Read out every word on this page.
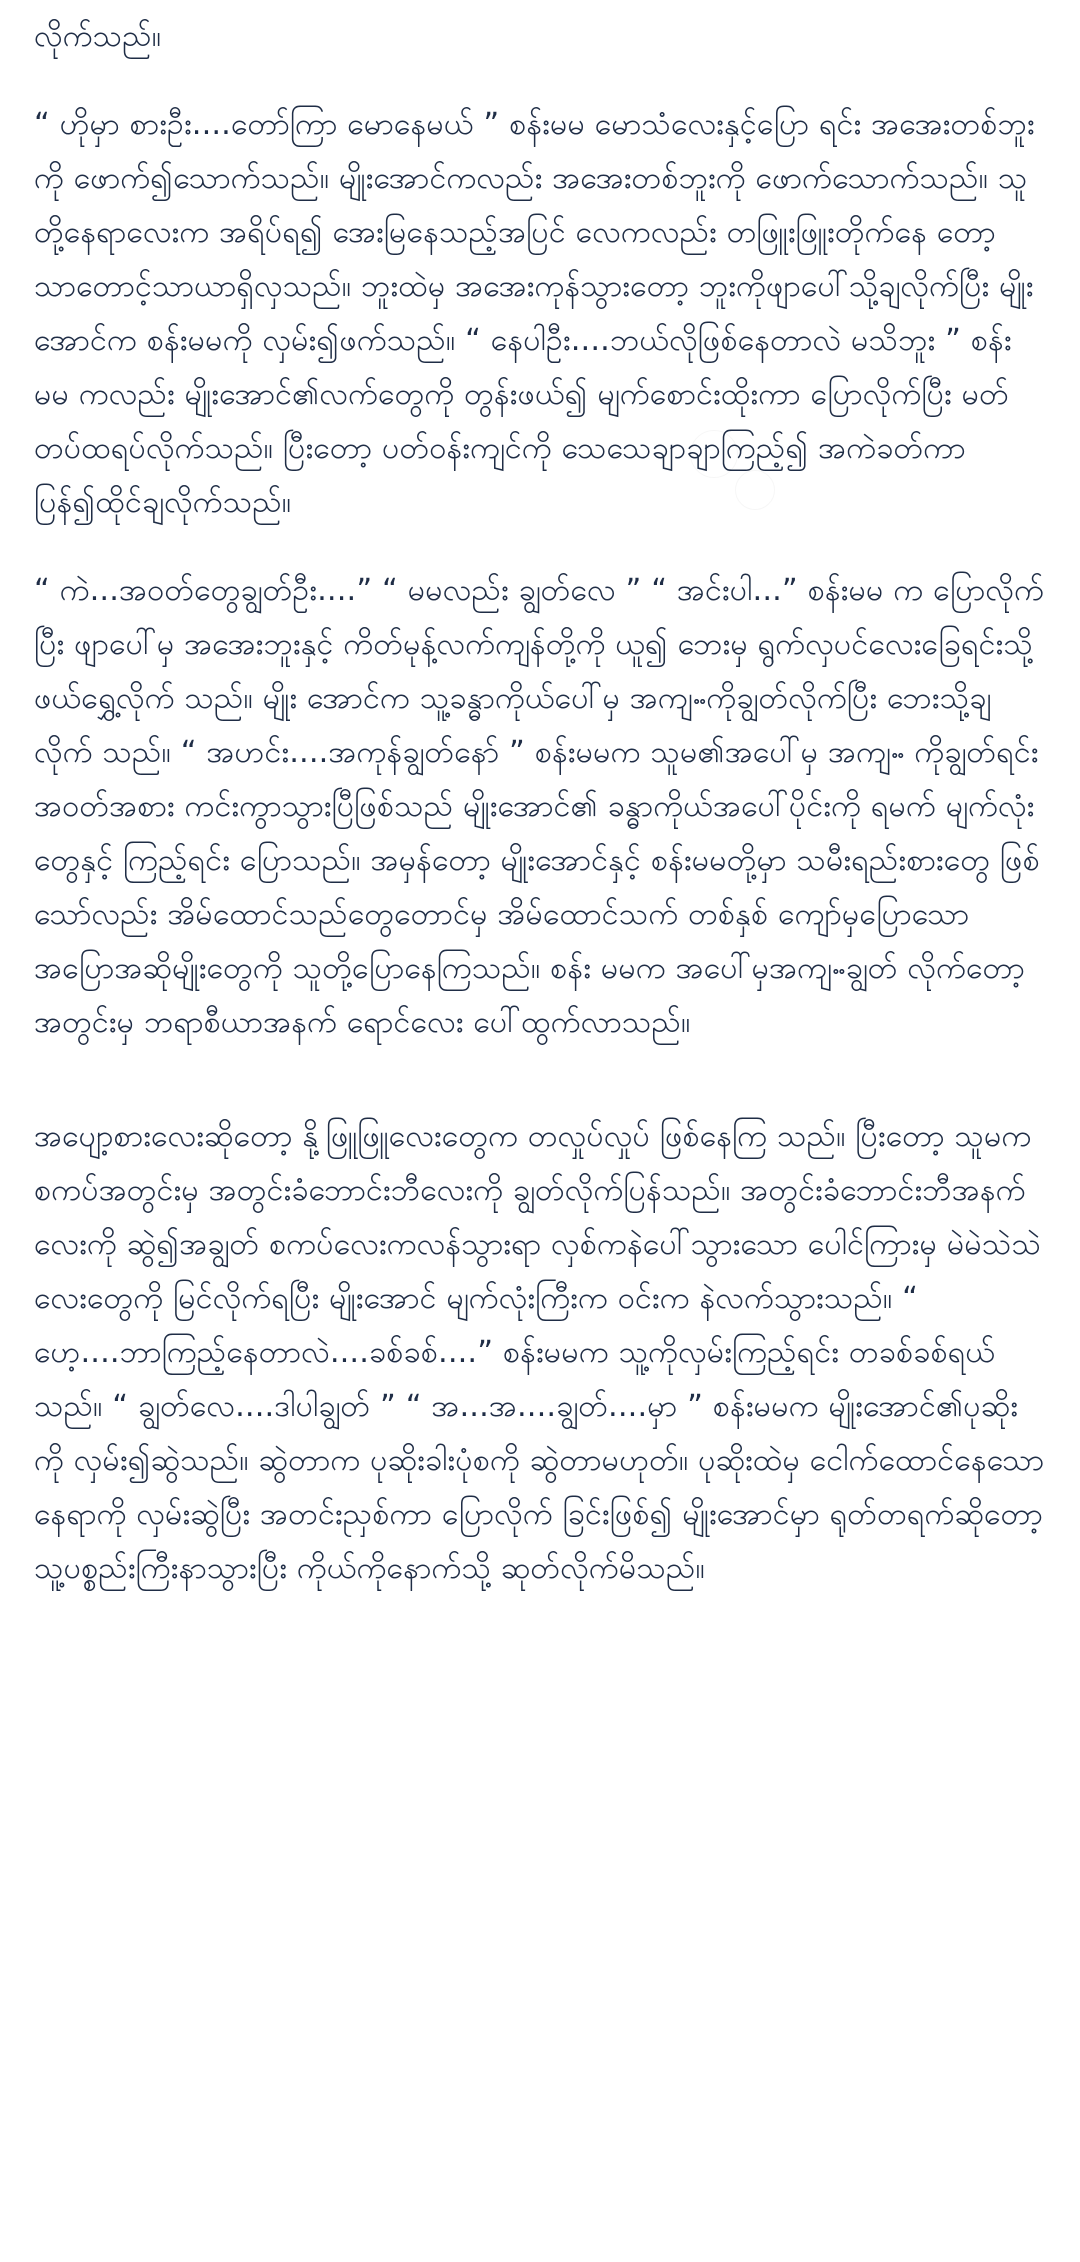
လိုက်သည်။

“ ဟိုမှာ စားဦး....တော်ကြာ မောနေမယ် ” စန်းမမ မောသံလေးနှင့်ပြော ရင်း အအေးတစ်ဘူးကို ဖောက်၍သောက်သည်။ မျိုးအောင်ကလည်း အအေးတစ်ဘူးကို ဖောက်သောက်သည်။ သူတို့နေရာလေးက အရိပ်ရ၍ အေးမြနေသည့်အပြင် လေကလည်း တဖြူးဖြူးတိုက်နေ တော့ သာတောင့်သာယာရှိလှသည်။ ဘူးထဲမှ အအေးကုန်သွားတော့ ဘူးကိုဖျာပေါ်သို့ချလိုက်ပြီး မျိုးအောင်က စန်းမမကို လှမ်း၍ဖက်သည်။ “ နေပါဦး....ဘယ်လိုဖြစ်နေတာလဲ မသိဘူး ” စန်းမမ ကလည်း မျိုးအောင်၏လက်တွေကို တွန်းဖယ်၍ မျက်စောင်းထိုးကာ ပြောလိုက်ပြီး မတ်တပ်ထရပ်လိုက်သည်။ ပြီးတော့ ပတ်ဝန်းကျင်ကို သေသေချာချာကြည့်၍ အကဲခတ်ကာ ပြန်၍ထိုင်ချလိုက်သည်။

“ ကဲ...အဝတ်တွေချွတ်ဦး....” “ မမလည်း ချွတ်လေ ” “ အင်းပါ...” စန်းမမ က ပြောလိုက်ပြီး ဖျာပေါ်မှ အအေးဘူးနှင့် ကိတ်မုန့်လက်ကျန်တို့ကို ယူ၍ ဘေးမှ ရွက်လှပင်လေးခြေရင်းသို့ ဖယ်ရွှေ့လိုက် သည်။ မျိုး အောင်က သူ့ခန္ဓာကိုယ်ပေါ်မှ အကျႌကိုချွတ်လိုက်ပြီး ဘေးသို့ချလိုက် သည်။ “ အဟင်း....အကုန်ချွတ်နော် ” စန်းမမက သူမ၏အပေါ်မှ အကျႌ ကိုချွတ်ရင်း အဝတ်အစား ကင်းကွာသွားပြီဖြစ်သည် မျိုးအောင်၏ ခန္ဓာကိုယ်အပေါ်ပိုင်းကို ရမက် မျက်လုံးတွေနှင့် ကြည့်ရင်း ပြောသည်။ အမှန်တော့ မျိုးအောင်နှင့် စန်းမမတို့မှာ သမီးရည်းစားတွေ ဖြစ် သော်လည်း အိမ်ထောင်သည်တွေတောင်မှ အိမ်ထောင်သက် တစ်နှစ် ကျော်မှပြောသော အပြောအဆိုမျိုးတွေကို သူတို့ပြောနေကြသည်။ စန်း မမက အပေါ်မှအကျႌချွတ် လိုက်တော့ အတွင်းမှ ဘရာစီယာအနက် ရောင်လေး ပေါ်ထွက်လာသည်။

အပျော့စားလေးဆိုတော့ နို့ဖြူဖြူလေးတွေက တလှုပ်လှုပ် ဖြစ်နေကြ သည်။ ပြီးတော့ သူမက စကပ်အတွင်းမှ အတွင်းခံဘောင်းဘီလေးကို ချွတ်လိုက်ပြန်သည်။ အတွင်းခံဘောင်းဘီအနက်လေးကို ဆွဲ၍အချွတ် စကပ်လေးကလန်သွားရာ လှစ်ကနဲပေါ်သွားသော ပေါင်ကြားမှ မဲမဲသဲသဲလေးတွေကို မြင်လိုက်ရပြီး မျိုးအောင် မျက်လုံးကြီးက ဝင်းက နဲလက်သွားသည်။ “ ဟေ့....ဘာကြည့်နေတာလဲ....ခစ်ခစ်....” စန်းမမက သူ့ကိုလှမ်းကြည့်ရင်း တခစ်ခစ်ရယ်သည်။ “ ချွတ်လေ....ဒါပါချွတ် ” “ အ...အ....ချွတ်....မှာ ” စန်းမမက မျိုးအောင်၏ပုဆိုးကို လှမ်း၍ဆွဲသည်။ ဆွဲတာက ပုဆိုးခါးပုံစကို ဆွဲတာမဟုတ်။ ပုဆိုးထဲမှ ငေါက်ထောင်နေသော နေရာကို လှမ်းဆွဲပြီး အတင်းညှစ်ကာ ပြောလိုက် ခြင်းဖြစ်၍ မျိုးအောင်မှာ ရုတ်တရက်ဆိုတော့ သူ့ပစ္စည်းကြီးနာသွားပြီး ကိုယ်ကိုနောက်သို့ ဆုတ်လိုက်မိသည်။
